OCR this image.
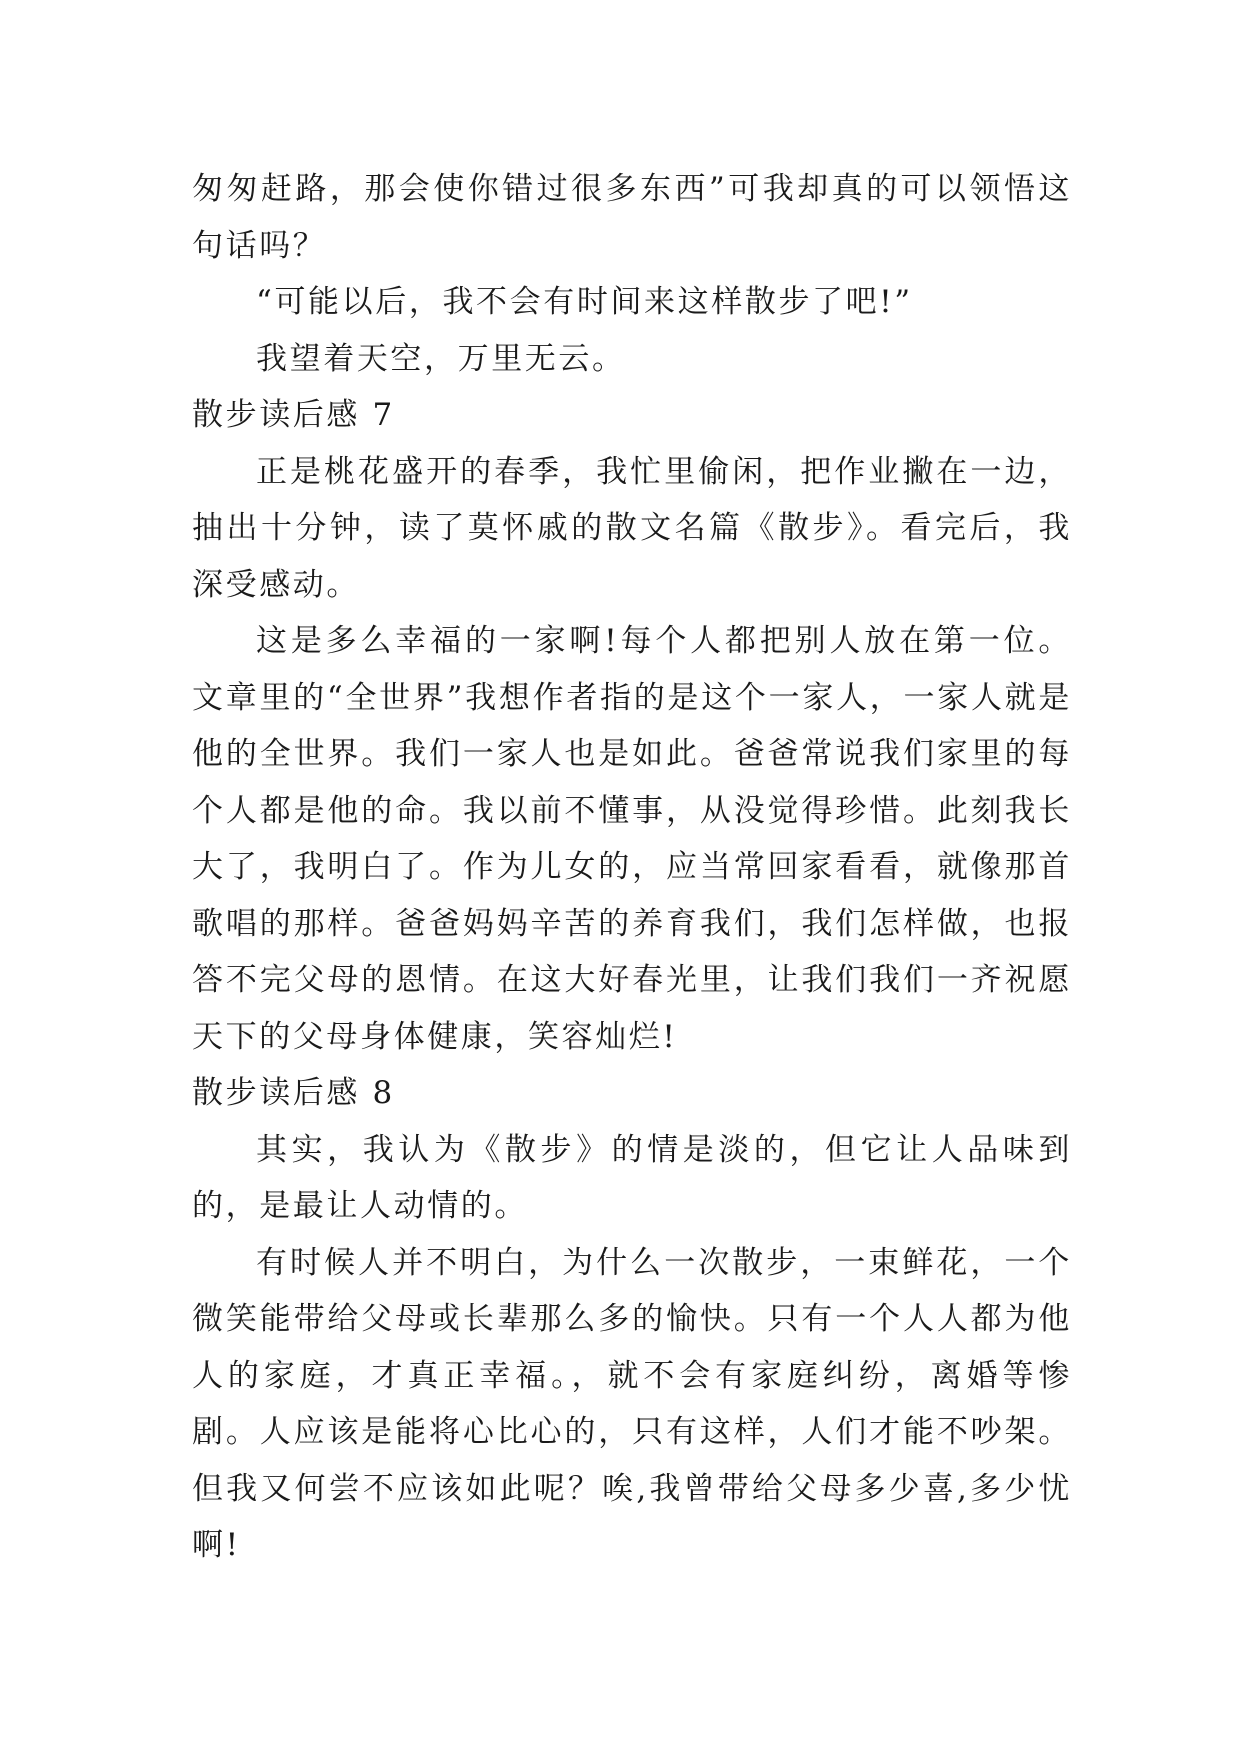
匆匆赶路，那会使你错过很多东西”可我却真的可以领悟这句话吗？

“可能以后，我不会有时间来这样散步了吧!”

我望着天空，万里无云。

散步读后感 7

正是桃花盛开的春季，我忙里偷闲，把作业撇在一边，抽出十分钟，读了莫怀戚的散文名篇《散步》。看完后，我深受感动。

这是多么幸福的一家啊!每个人都把别人放在第一位。文章里的“全世界”我想作者指的是这个一家人，一家人就是他的全世界。我们一家人也是如此。爸爸常说我们家里的每个人都是他的命。我以前不懂事，从没觉得珍惜。此刻我长大了，我明白了。作为儿女的，应当常回家看看，就像那首歌唱的那样。爸爸妈妈辛苦的养育我们，我们怎样做，也报答不完父母的恩情。在这大好春光里，让我们我们一齐祝愿天下的父母身体健康，笑容灿烂!

散步读后感 8

其实，我认为《散步》的情是淡的，但它让人品味到的，是最让人动情的。

有时候人并不明白，为什么一次散步，一束鲜花，一个微笑能带给父母或长辈那么多的愉快。只有一个人人都为他人的家庭，才真正幸福。，就不会有家庭纠纷，离婚等惨剧。人应该是能将心比心的，只有这样，人们才能不吵架。但我又何尝不应该如此呢？唉,我曾带给父母多少喜,多少忧啊!
